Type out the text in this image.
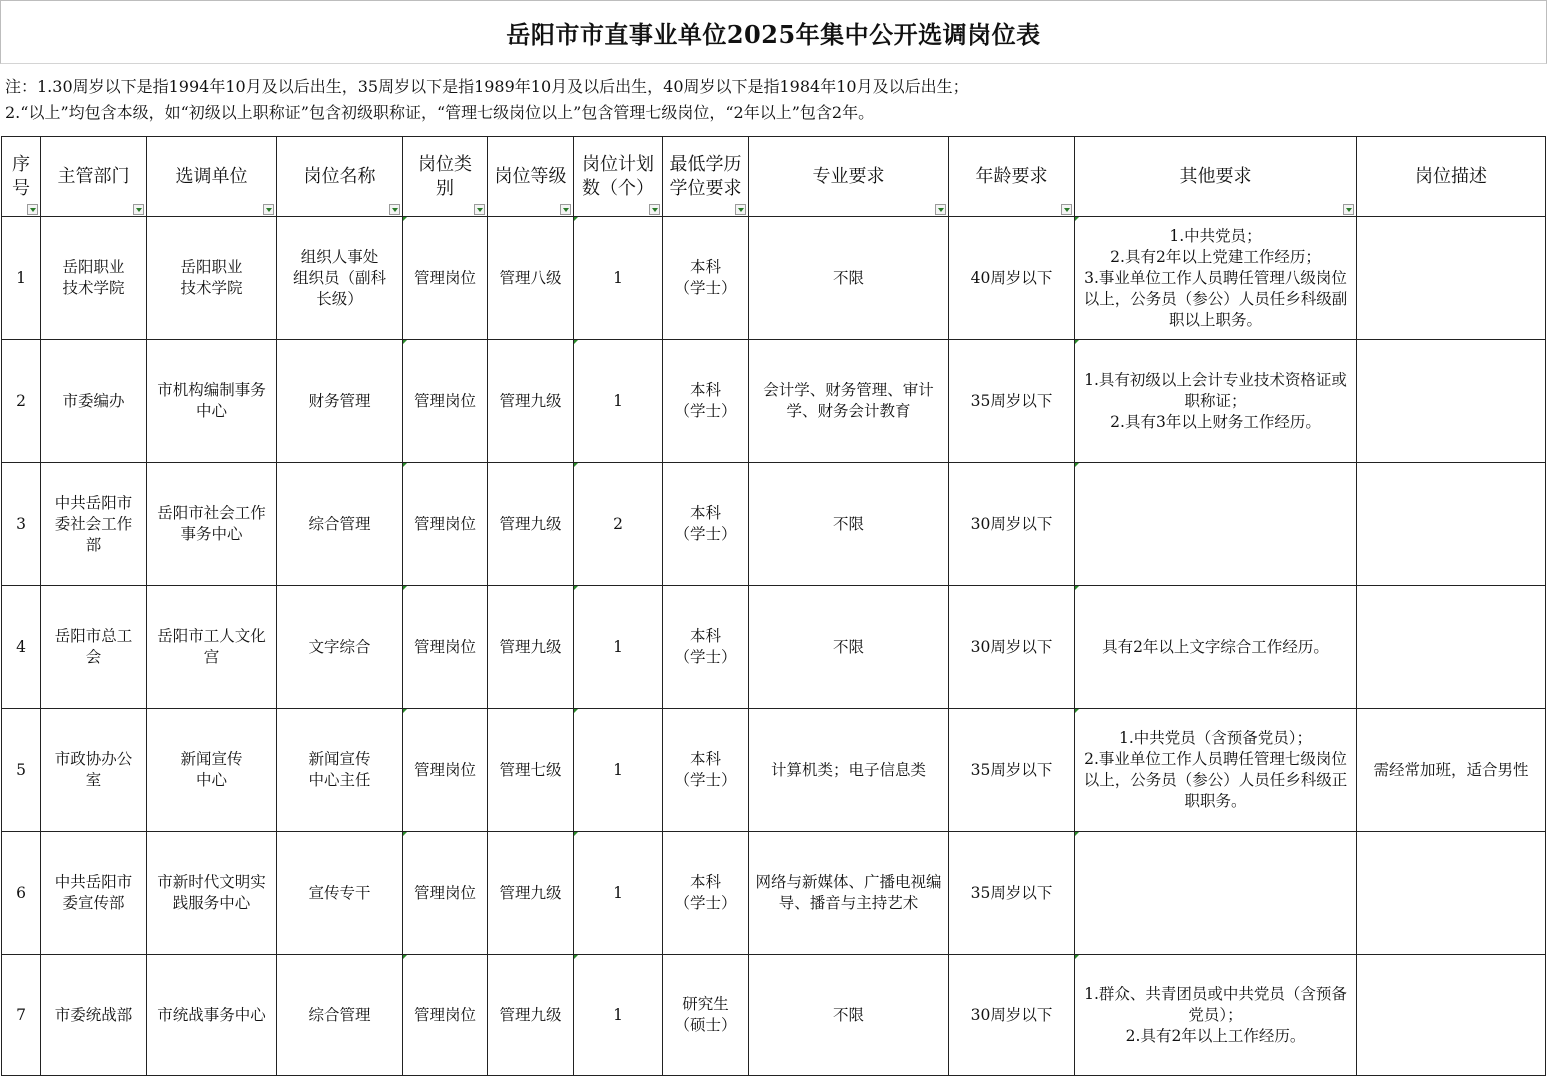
岳阳市市直事业单位2025年集中公开选调岗位表
注：1.30周岁以下是指1994年10月及以后出生，35周岁以下是指1989年10月及以后出生，40周岁以下是指1984年10月及以后出生；
2.“以上”均包含本级，如“初级以上职称证”包含初级职称证，“管理七级岗位以上”包含管理七级岗位，“2年以上”包含2年。
序
号	主管部门	选调单位	岗位名称	岗位类
别	岗位等级	岗位计划
数（个）	最低学历
学位要求	专业要求	年龄要求	其他要求	岗位描述
1	岳阳职业
技术学院	岳阳职业
技术学院	组织人事处
组织员（副科
长级）	管理岗位	管理八级	1	本科
（学士）	不限	40周岁以下	1.中共党员；
2.具有2年以上党建工作经历；
3.事业单位工作人员聘任管理八级岗位以上，公务员（参公）人员任乡科级副职以上职务。

2	市委编办	市机构编制事务
中心	财务管理	管理岗位	管理九级	1	本科
（学士）	会计学、财务管理、审计学、财务会计教育	35周岁以下	1.具有初级以上会计专业技术资格证或职称证；
2.具有3年以上财务工作经历。

3	中共岳阳市
委社会工作
部	岳阳市社会工作
事务中心	综合管理	管理岗位	管理九级	2	本科
（学士）	不限	30周岁以下	

4	岳阳市总工
会	岳阳市工人文化
宫	文字综合	管理岗位	管理九级	1	本科
（学士）	不限	30周岁以下	具有2年以上文字综合工作经历。

5	市政协办公
室	新闻宣传
中心	新闻宣传
中心主任	管理岗位	管理七级	1	本科
（学士）	计算机类；电子信息类	35周岁以下	1.中共党员（含预备党员）；
2.事业单位工作人员聘任管理七级岗位以上，公务员（参公）人员任乡科级正职职务。	需经常加班，适合男性
6	中共岳阳市
委宣传部	市新时代文明实
践服务中心	宣传专干	管理岗位	管理九级	1	本科
（学士）	网络与新媒体、广播电视编导、播音与主持艺术	35周岁以下	

7	市委统战部	市统战事务中心	综合管理	管理岗位	管理九级	1	研究生
（硕士）	不限	30周岁以下	1.群众、共青团员或中共党员（含预备党员）；
2.具有2年以上工作经历。
